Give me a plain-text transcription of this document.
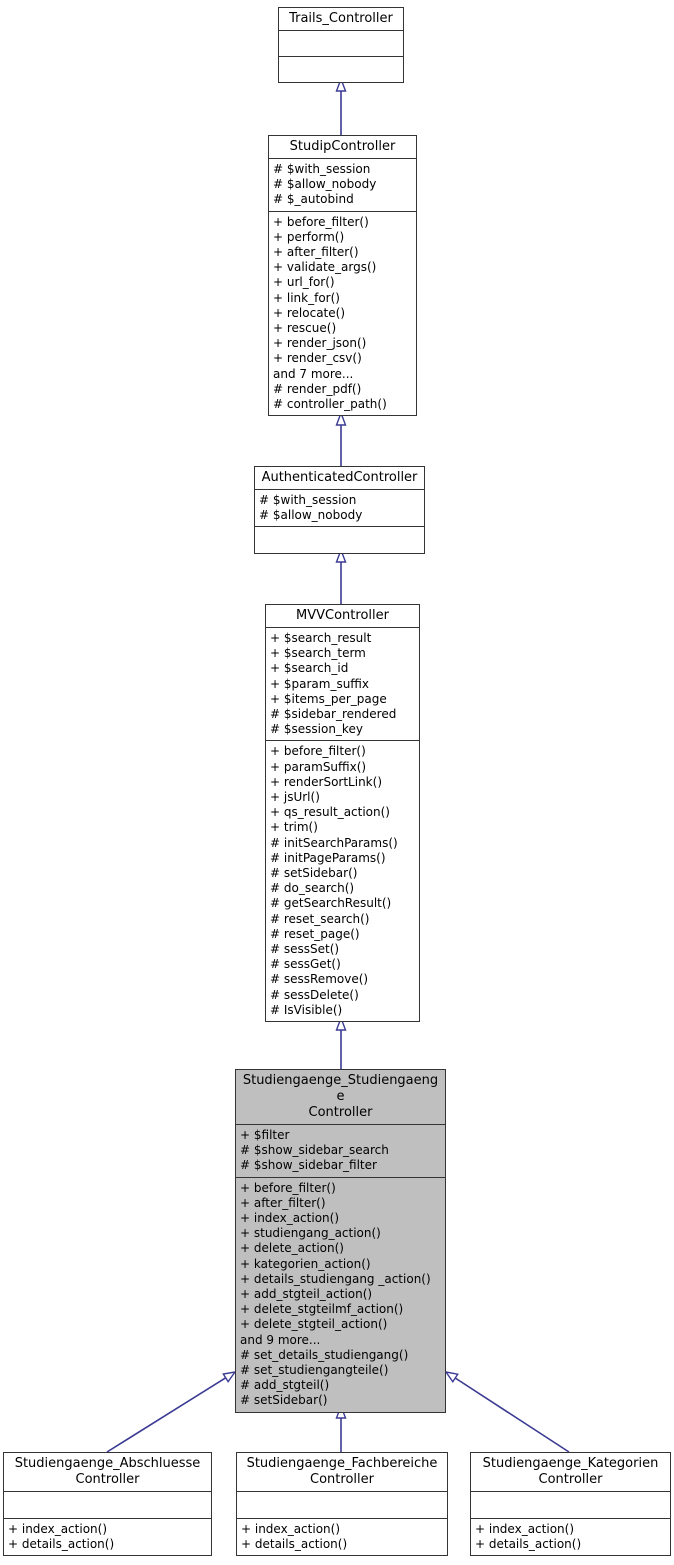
Trails_Controller
StudipController
# $with_session
# $allow_nobody
# $_autobind
+ before_filter()
+ perform()
+ after_filter()
+ validate_args()
+ url_for()
+ link_for()
+ relocate()
+ rescue()
+ render_json()
+ render_csv()
and 7 more...
# render_pdf()
# controller_path()
AuthenticatedController
# $with_session
# $allow_nobody
MVVController
+ $search_result
+ $search_term
+ $search_id
+ $param_suffix
+ $items_per_page
# $sidebar_rendered
# $session_key
+ before_filter()
+ paramSuffix()
+ renderSortLink()
+ jsUrl()
+ qs_result_action()
+ trim()
# initSearchParams()
# initPageParams()
# setSidebar()
# do_search()
# getSearchResult()
# reset_search()
# reset_page()
# sessSet()
# sessGet()
# sessRemove()
# sessDelete()
# IsVisible()
Studiengaenge_Studiengaenge
Controller
+ $filter
# $show_sidebar_search
# $show_sidebar_filter
+ before_filter()
+ after_filter()
+ index_action()
+ studiengang_action()
+ delete_action()
+ kategorien_action()
+ details_studiengang _action()
+ add_stgteil_action()
+ delete_stgteilmf_action()
+ delete_stgteil_action()
and 9 more...
# set_details_studiengang()
# set_studiengangteile()
# add_stgteil()
# setSidebar()
Studiengaenge_Abschluesse
Controller
+ index_action()
+ details_action()
Studiengaenge_Fachbereiche
Controller
+ index_action()
+ details_action()
Studiengaenge_Kategorien
Controller
+ index_action()
+ details_action()
